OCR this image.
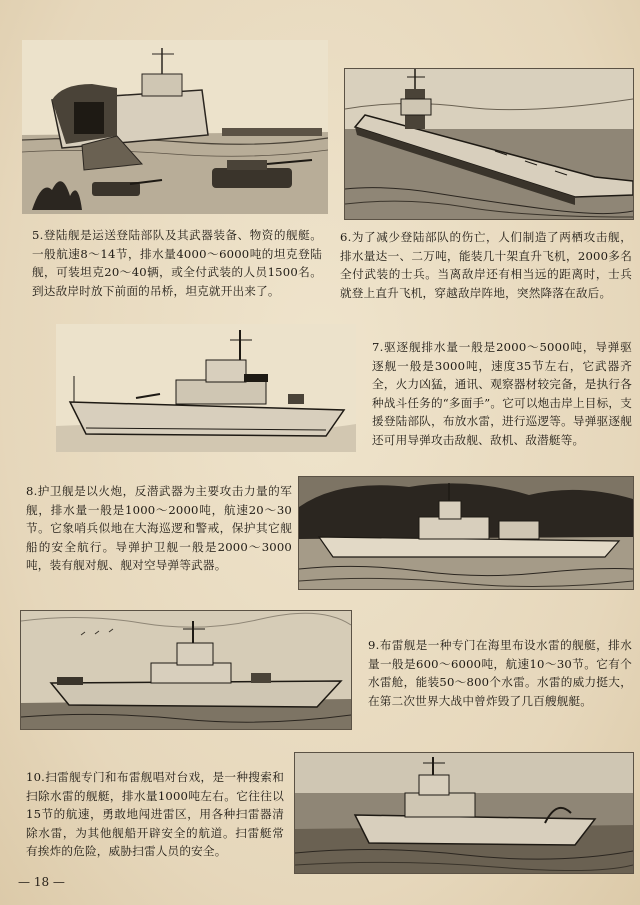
5.登陆舰是运送登陆部队及其武器装备、物资的舰艇。一般航速8～14节，排水量4000～6000吨的坦克登陆舰，可装坦克20～40辆，或全付武装的人员1500名。到达敌岸时放下前面的吊桥，坦克就开出来了。

6.为了减少登陆部队的伤亡，人们制造了两栖攻击舰，排水量达一、二万吨，能装几十架直升飞机，2000多名全付武装的士兵。当离敌岸还有相当远的距离时，士兵就登上直升飞机，穿越敌岸阵地，突然降落在敌后。

7.驱逐舰排水量一般是2000～5000吨，导弹驱逐舰一般是3000吨，速度35节左右，它武器齐全，火力凶猛，通讯、观察器材较完备，是执行各种战斗任务的“多面手”。它可以炮击岸上目标，支援登陆部队，布放水雷，进行巡逻等。导弹驱逐舰还可用导弹攻击敌舰、敌机、敌潜艇等。

8.护卫舰是以火炮，反潜武器为主要攻击力量的军舰，排水量一般是1000～2000吨，航速20～30节。它象哨兵似地在大海巡逻和警戒，保护其它舰船的安全航行。导弹护卫舰一般是2000～3000吨，装有舰对舰、舰对空导弹等武器。

9.布雷舰是一种专门在海里布设水雷的舰艇，排水量一般是600～6000吨，航速10～30节。它有个水雷舱，能装50～800个水雷。水雷的威力挺大，在第二次世界大战中曾炸毁了几百艘舰艇。

10.扫雷舰专门和布雷舰唱对台戏，是一种搜索和扫除水雷的舰艇，排水量1000吨左右。它往往以15节的航速，勇敢地闯进雷区，用各种扫雷器清除水雷，为其他舰船开辟安全的航道。扫雷艇常有挨炸的危险，威胁扫雷人员的安全。

— 18 —
